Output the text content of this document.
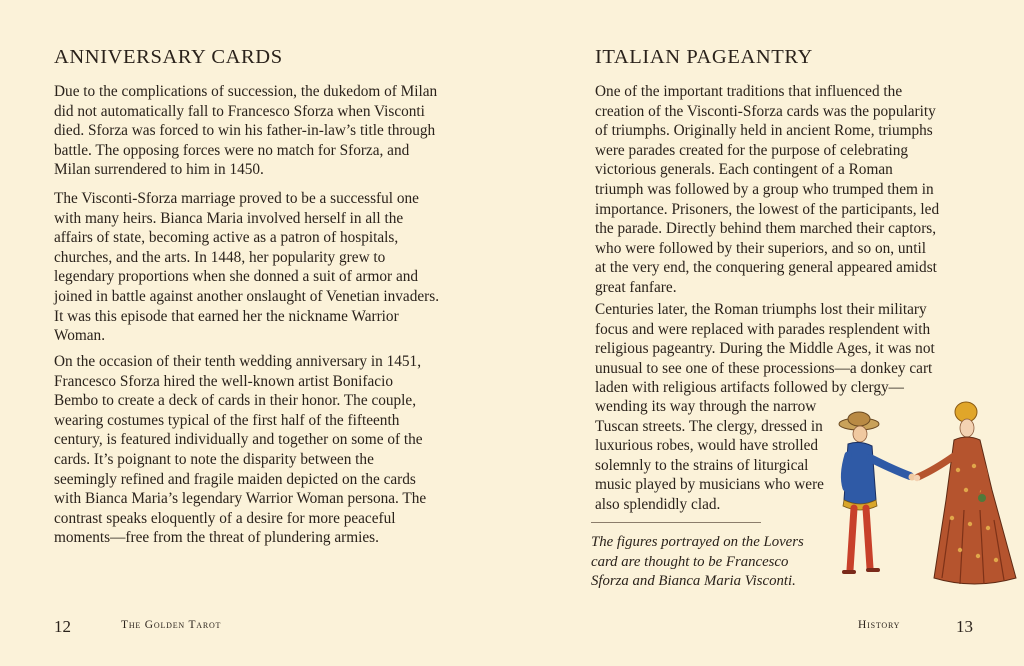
ANNIVERSARY CARDS

Due to the complications of succession, the dukedom of Milan did not automatically fall to Francesco Sforza when Visconti died. Sforza was forced to win his father-in-law’s title through battle. The opposing forces were no match for Sforza, and Milan surrendered to him in 1450.

The Visconti-Sforza marriage proved to be a successful one with many heirs. Bianca Maria involved herself in all the affairs of state, becoming active as a patron of hospitals, churches, and the arts. In 1448, her popularity grew to legendary proportions when she donned a suit of armor and joined in battle against another onslaught of Venetian invaders. It was this episode that earned her the nickname Warrior Woman.

On the occasion of their tenth wedding anniversary in 1451, Francesco Sforza hired the well-known artist Bonifacio Bembo to create a deck of cards in their honor. The couple, wearing costumes typical of the first half of the fifteenth century, is featured individually and together on some of the cards. It’s poignant to note the disparity between the seemingly refined and fragile maiden depicted on the cards with Bianca Maria’s legendary Warrior Woman persona. The contrast speaks eloquently of a desire for more peaceful moments—free from the threat of plundering armies.

12	The Golden Tarot
ITALIAN PAGEANTRY

One of the important traditions that influenced the creation of the Visconti-Sforza cards was the popularity of triumphs. Originally held in ancient Rome, triumphs were parades created for the purpose of celebrating victorious generals. Each contingent of a Roman triumph was followed by a group who trumped them in importance. Prisoners, the lowest of the participants, led the parade. Directly behind them marched their captors, who were followed by their superiors, and so on, until at the very end, the conquering general appeared amidst great fanfare.

Centuries later, the Roman triumphs lost their military focus and were replaced with parades resplendent with religious pageantry. During the Middle Ages, it was not unusual to see one of these processions—a donkey cart laden with religious artifacts followed by clergy—

wending its way through the narrow Tuscan streets. The clergy, dressed in luxurious robes, would have strolled solemnly to the strains of liturgical music played by musicians who were also splendidly clad.

The figures portrayed on the Lovers card are thought to be Francesco Sforza and Bianca Maria Visconti.

History	13
